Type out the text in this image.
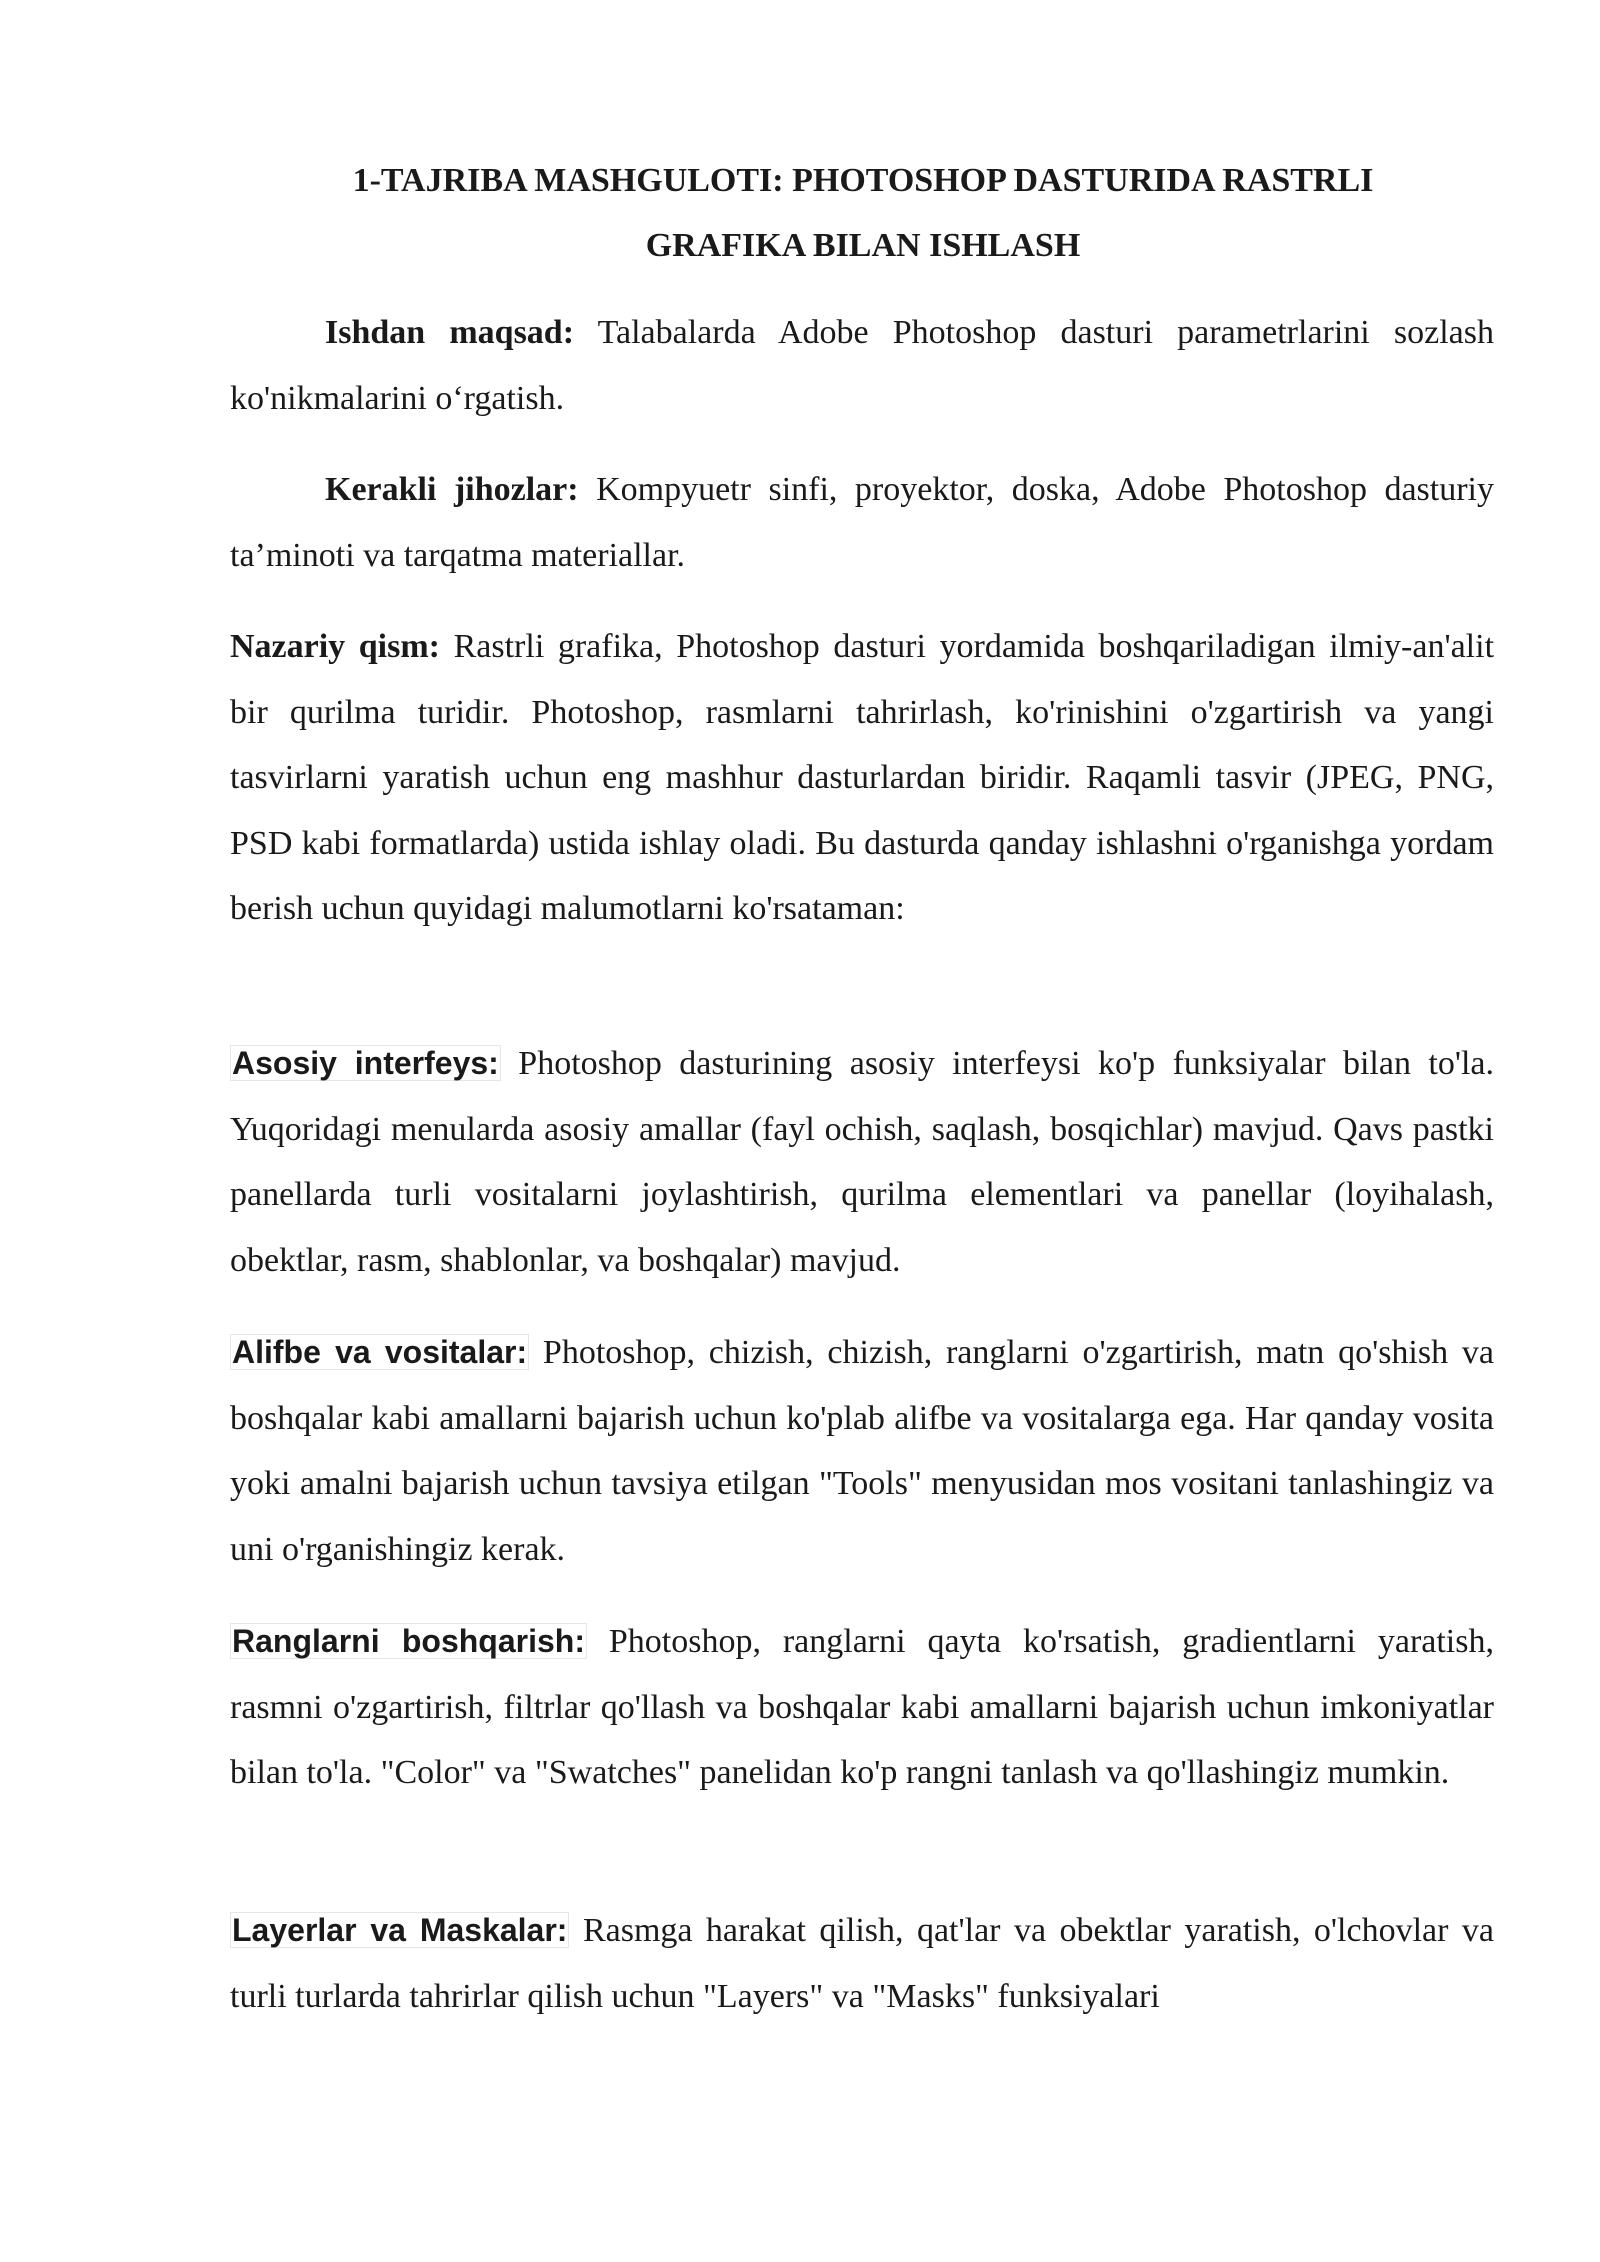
1-TAJRIBA MASHGULOTI: PHOTOSHOP DASTURIDA RASTRLI
GRAFIKA BILAN ISHLASH

Ishdan maqsad: Talabalarda Adobe Photoshop dasturi parametrlarini sozlash ko'nikmalarini o‘rgatish.

Kerakli jihozlar: Kompyuetr sinfi, proyektor, doska, Adobe Photoshop dasturiy ta’minoti va tarqatma materiallar.

Nazariy qism: Rastrli grafika, Photoshop dasturi yordamida boshqariladigan ilmiy-an'alit bir qurilma turidir. Photoshop, rasmlarni tahrirlash, ko'rinishini o'zgartirish va yangi tasvirlarni yaratish uchun eng mashhur dasturlardan biridir. Raqamli tasvir (JPEG, PNG, PSD kabi formatlarda) ustida ishlay oladi. Bu dasturda qanday ishlashni o'rganishga yordam berish uchun quyidagi malumotlarni ko'rsataman:

Asosiy interfeys: Photoshop dasturining asosiy interfeysi ko'p funksiyalar bilan to'la. Yuqoridagi menularda asosiy amallar (fayl ochish, saqlash, bosqichlar) mavjud. Qavs pastki panellarda turli vositalarni joylashtirish, qurilma elementlari va panellar (loyihalash, obektlar, rasm, shablonlar, va boshqalar) mavjud.

Alifbe va vositalar: Photoshop, chizish, chizish, ranglarni o'zgartirish, matn qo'shish va boshqalar kabi amallarni bajarish uchun ko'plab alifbe va vositalarga ega. Har qanday vosita yoki amalni bajarish uchun tavsiya etilgan "Tools" menyusidan mos vositani tanlashingiz va uni o'rganishingiz kerak.

Ranglarni boshqarish: Photoshop, ranglarni qayta ko'rsatish, gradientlarni yaratish, rasmni o'zgartirish, filtrlar qo'llash va boshqalar kabi amallarni bajarish uchun imkoniyatlar bilan to'la. "Color" va "Swatches" panelidan ko'p rangni tanlash va qo'llashingiz mumkin.

Layerlar va Maskalar: Rasmga harakat qilish, qat'lar va obektlar yaratish, o'lchovlar va turli turlarda tahrirlar qilish uchun "Layers" va "Masks" funksiyalari
